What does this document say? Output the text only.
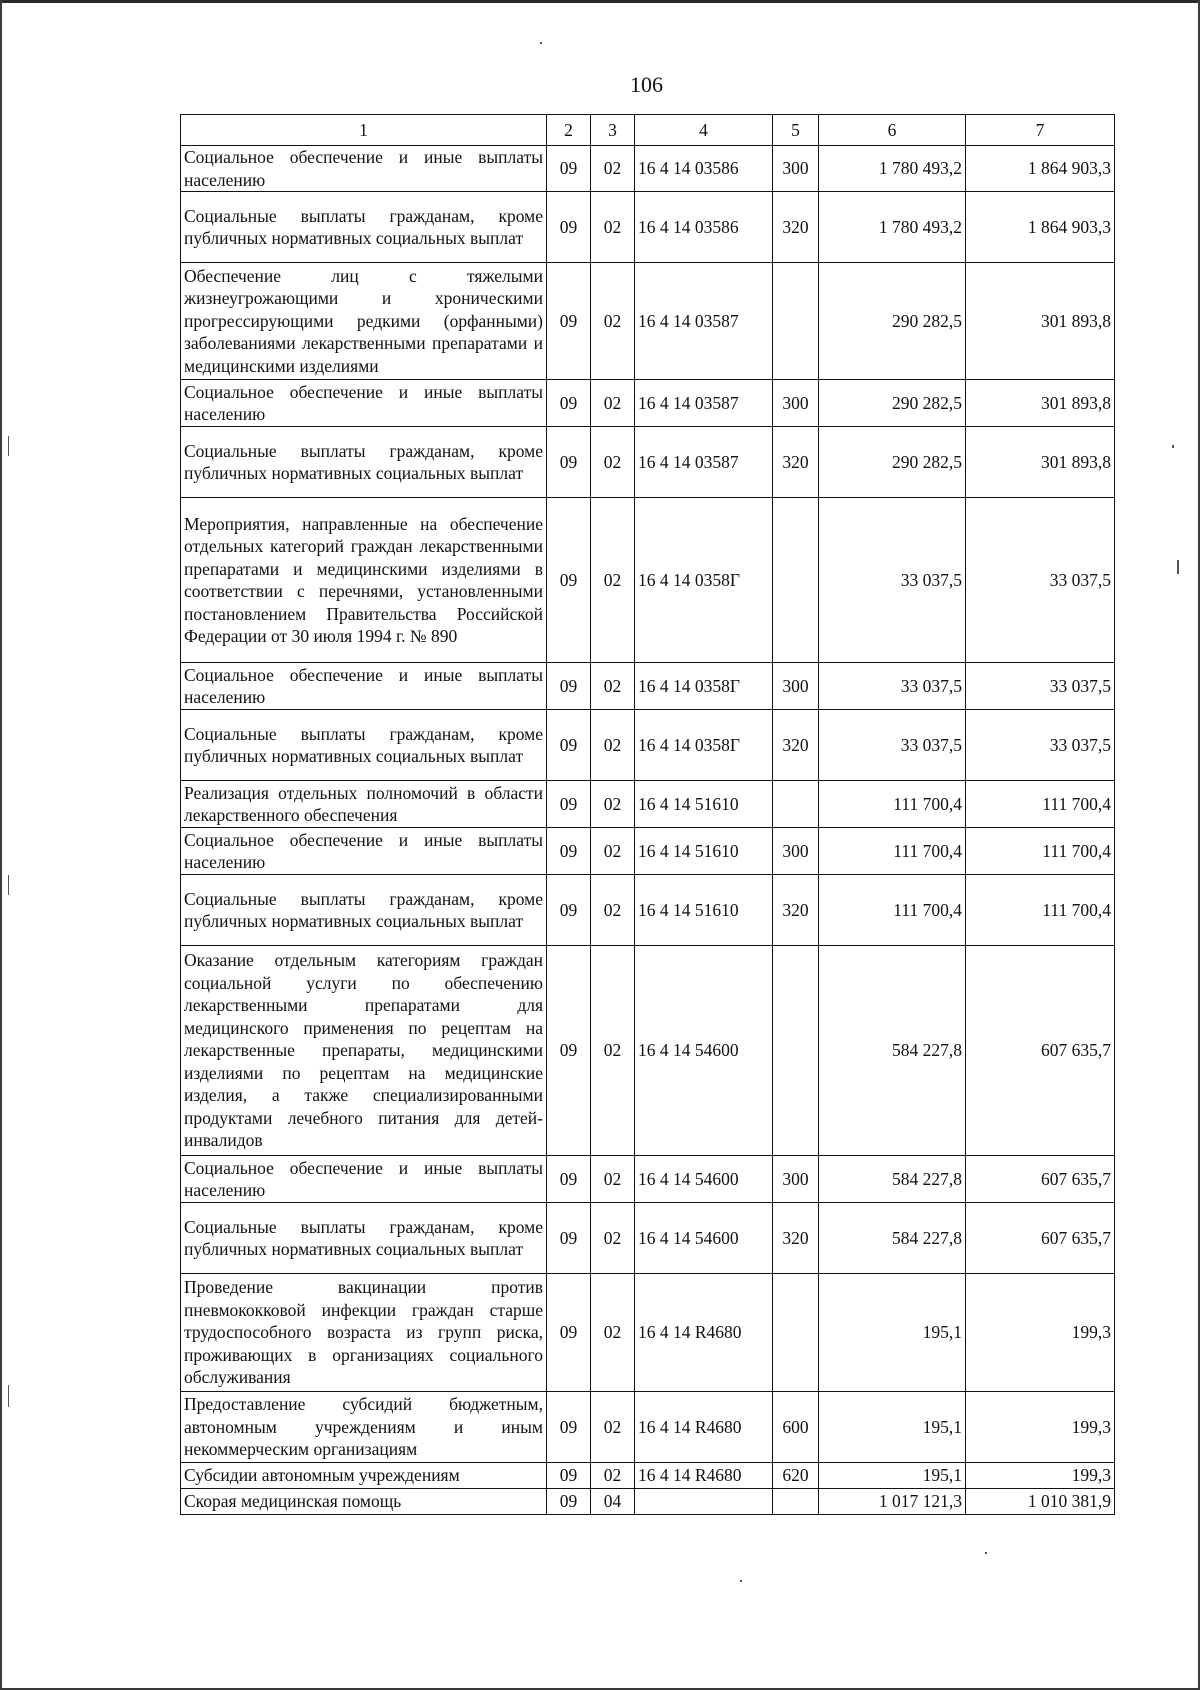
106
1	2	3	4	5	6	7
Социальное обеспечение и иные выплаты населению	09	02	16 4 14 03586	300	1 780 493,2	1 864 903,3
Социальные выплаты гражданам, кроме публичных нормативных социальных выплат	09	02	16 4 14 03586	320	1 780 493,2	1 864 903,3
Обеспечение лиц с тяжелыми жизнеугрожающими и хроническими прогрессирующими редкими (орфанными) заболеваниями лекарственными препаратами и медицинскими изделиями	09	02	16 4 14 03587		290 282,5	301 893,8
Социальное обеспечение и иные выплаты населению	09	02	16 4 14 03587	300	290 282,5	301 893,8
Социальные выплаты гражданам, кроме публичных нормативных социальных выплат	09	02	16 4 14 03587	320	290 282,5	301 893,8
Мероприятия, направленные на обеспечение отдельных категорий граждан лекарственными препаратами и медицинскими изделиями в соответствии с перечнями, установленными постановлением Правительства Российской Федерации от 30 июля 1994 г. № 890	09	02	16 4 14 0358Г		33 037,5	33 037,5
Социальное обеспечение и иные выплаты населению	09	02	16 4 14 0358Г	300	33 037,5	33 037,5
Социальные выплаты гражданам, кроме публичных нормативных социальных выплат	09	02	16 4 14 0358Г	320	33 037,5	33 037,5
Реализация отдельных полномочий в области лекарственного обеспечения	09	02	16 4 14 51610		111 700,4	111 700,4
Социальное обеспечение и иные выплаты населению	09	02	16 4 14 51610	300	111 700,4	111 700,4
Социальные выплаты гражданам, кроме публичных нормативных социальных выплат	09	02	16 4 14 51610	320	111 700,4	111 700,4
Оказание отдельным категориям граждан социальной услуги по обеспечению лекарственными препаратами для медицинского применения по рецептам на лекарственные препараты, медицинскими изделиями по рецептам на медицинские изделия, а также специализированными продуктами лечебного питания для детей-инвалидов	09	02	16 4 14 54600		584 227,8	607 635,7
Социальное обеспечение и иные выплаты населению	09	02	16 4 14 54600	300	584 227,8	607 635,7
Социальные выплаты гражданам, кроме публичных нормативных социальных выплат	09	02	16 4 14 54600	320	584 227,8	607 635,7
Проведение вакцинации против пневмококковой инфекции граждан старше трудоспособного возраста из групп риска, проживающих в организациях социального обслуживания	09	02	16 4 14 R4680		195,1	199,3
Предоставление субсидий бюджетным, автономным учреждениям и иным некоммерческим организациям	09	02	16 4 14 R4680	600	195,1	199,3
Субсидии автономным учреждениям	09	02	16 4 14 R4680	620	195,1	199,3
Скорая медицинская помощь	09	04			1 017 121,3	1 010 381,9
